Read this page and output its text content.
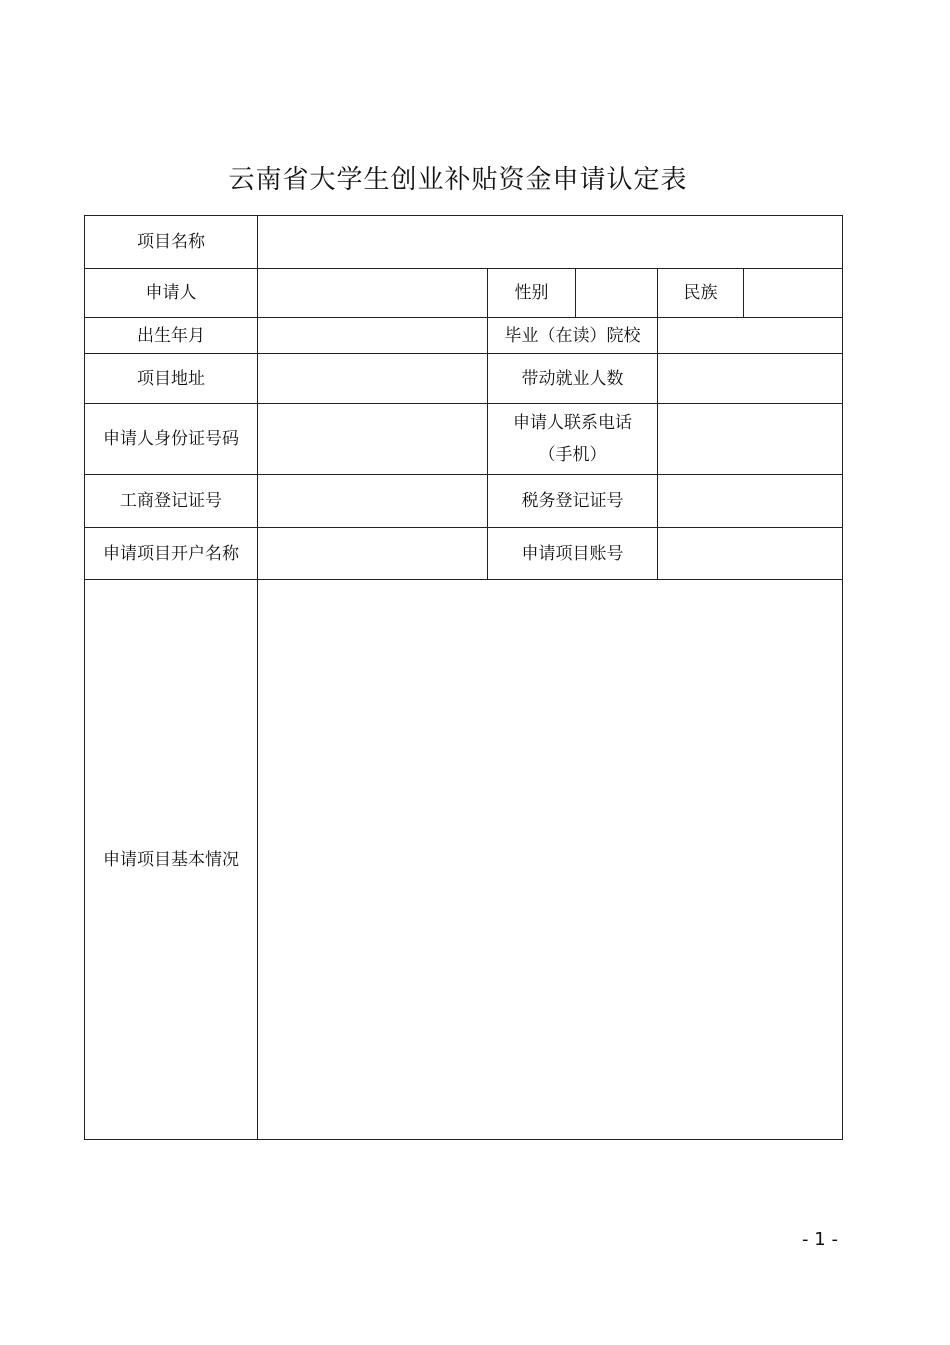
云南省大学生创业补贴资金申请认定表
项目名称					
申请人		性别		民族	
出生年月		毕业（在读）院校			
项目地址		带动就业人数			
申请人身份证号码		申请人联系电话
（手机）			

工商登记证号		税务登记证号			
申请项目开户名称		申请项目账号			
申请项目基本情况					
- 1 -
